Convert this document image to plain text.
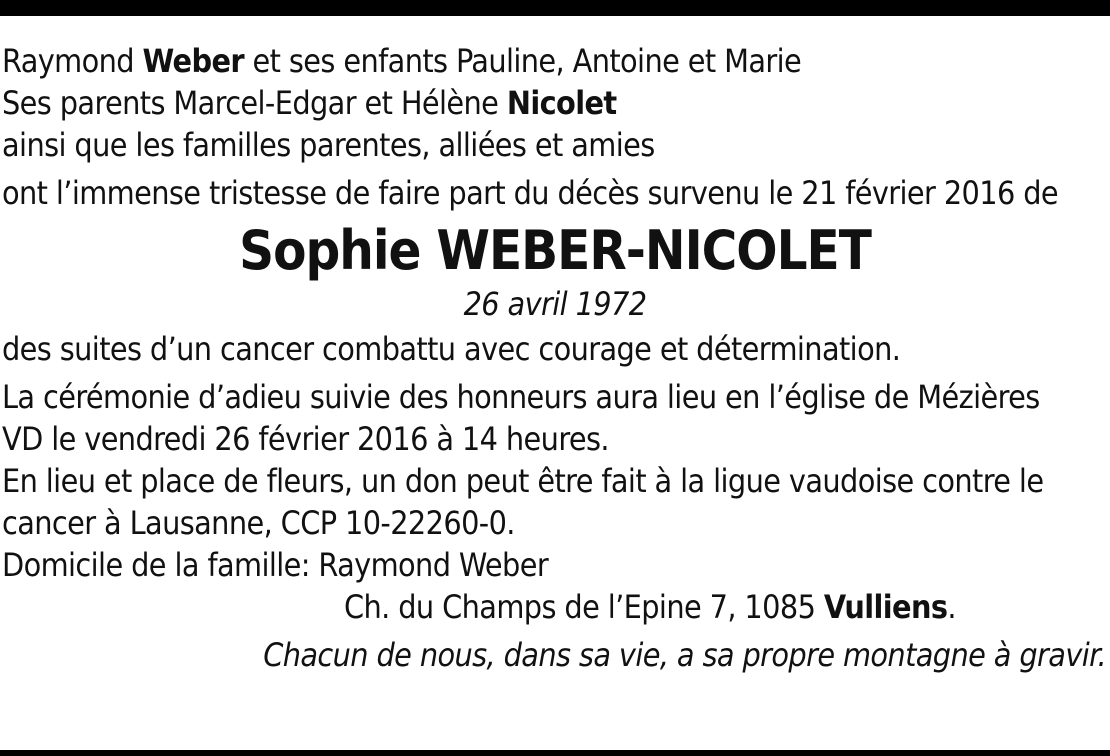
Raymond Weber et ses enfants Pauline, Antoine et Marie

Ses parents Marcel-Edgar et Hélène Nicolet

ainsi que les familles parentes, alliées et amies

ont l’immense tristesse de faire part du décès survenu le 21 février 2016 de

Sophie WEBER-NICOLET
26 avril 1972

des suites d’un cancer combattu avec courage et détermination.

La cérémonie d’adieu suivie des honneurs aura lieu en l’église de Mézières

VD le vendredi 26 février 2016 à 14 heures.

En lieu et place de fleurs, un don peut être fait à la ligue vaudoise contre le

cancer à Lausanne, CCP 10-22260-0.

Domicile de la famille: Raymond Weber

Ch. du Champs de l’Epine 7, 1085 Vulliens.

Chacun de nous, dans sa vie, a sa propre montagne à gravir.
